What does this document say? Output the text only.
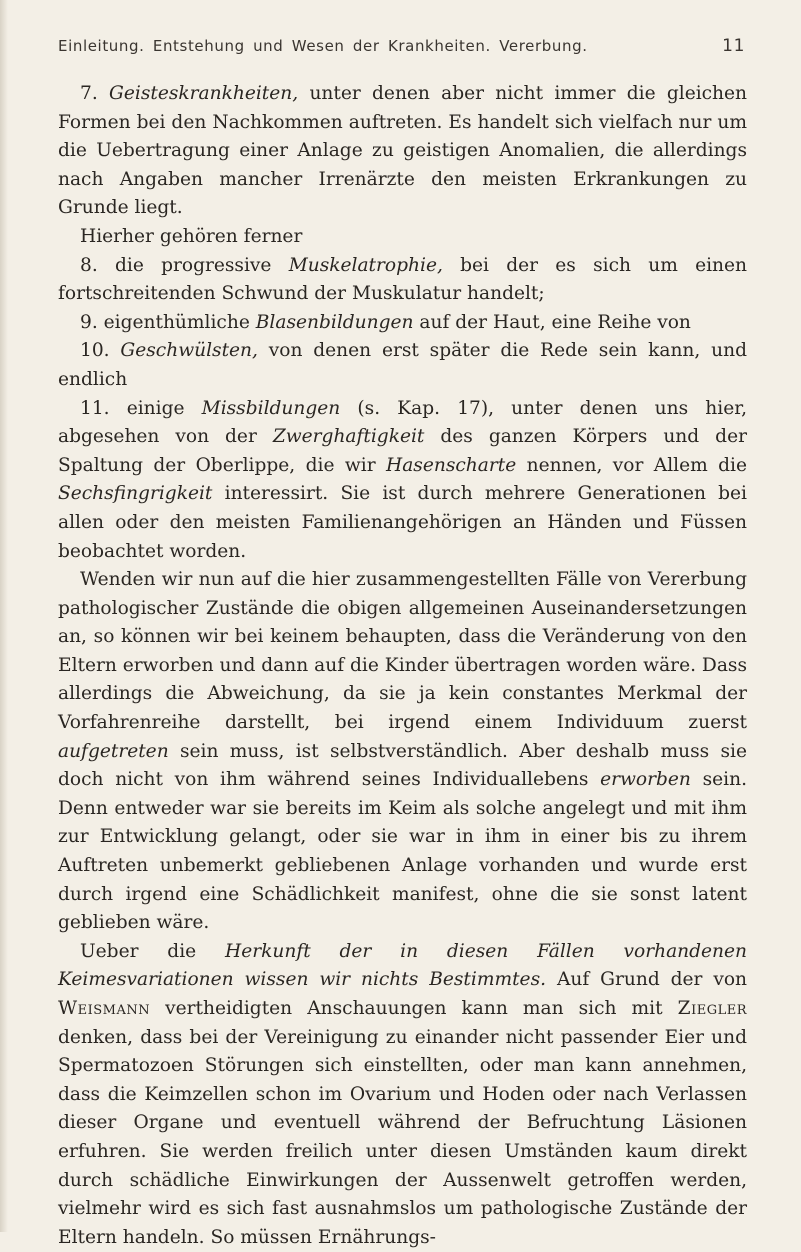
Einleitung. Entstehung und Wesen der Krankheiten. Vererbung.	11

7. Geisteskrankheiten, unter denen aber nicht immer die gleichen Formen bei den Nachkommen auftreten. Es handelt sich vielfach nur um die Uebertragung einer Anlage zu geistigen Anomalien, die allerdings nach Angaben mancher Irrenärzte den meisten Erkrankungen zu Grunde liegt.

Hierher gehören ferner

8. die progressive Muskelatrophie, bei der es sich um einen fortschreitenden Schwund der Muskulatur handelt;

9. eigenthümliche Blasenbildungen auf der Haut, eine Reihe von

10. Geschwülsten, von denen erst später die Rede sein kann, und endlich

11. einige Missbildungen (s. Kap. 17), unter denen uns hier, abgesehen von der Zwerghaftigkeit des ganzen Körpers und der Spaltung der Oberlippe, die wir Hasenscharte nennen, vor Allem die Sechsfingrigkeit interessirt. Sie ist durch mehrere Generationen bei allen oder den meisten Familienangehörigen an Händen und Füssen beobachtet worden.

Wenden wir nun auf die hier zusammengestellten Fälle von Vererbung pathologischer Zustände die obigen allgemeinen Auseinandersetzungen an, so können wir bei keinem behaupten, dass die Veränderung von den Eltern erworben und dann auf die Kinder übertragen worden wäre. Dass allerdings die Abweichung, da sie ja kein constantes Merkmal der Vorfahrenreihe darstellt, bei irgend einem Individuum zuerst aufgetreten sein muss, ist selbstverständlich. Aber deshalb muss sie doch nicht von ihm während seines Individuallebens erworben sein. Denn entweder war sie bereits im Keim als solche angelegt und mit ihm zur Entwicklung gelangt, oder sie war in ihm in einer bis zu ihrem Auftreten unbemerkt gebliebenen Anlage vorhanden und wurde erst durch irgend eine Schädlichkeit manifest, ohne die sie sonst latent geblieben wäre.

Ueber die Herkunft der in diesen Fällen vorhandenen Keimesvariationen wissen wir nichts Bestimmtes. Auf Grund der von Weismann vertheidigten Anschauungen kann man sich mit Ziegler denken, dass bei der Vereinigung zu einander nicht passender Eier und Spermatozoen Störungen sich einstellten, oder man kann annehmen, dass die Keimzellen schon im Ovarium und Hoden oder nach Verlassen dieser Organe und eventuell während der Befruchtung Läsionen erfuhren. Sie werden freilich unter diesen Umständen kaum direkt durch schädliche Einwirkungen der Aussenwelt getroffen werden, vielmehr wird es sich fast ausnahmslos um pathologische Zustände der Eltern handeln. So müssen Ernährungs-
